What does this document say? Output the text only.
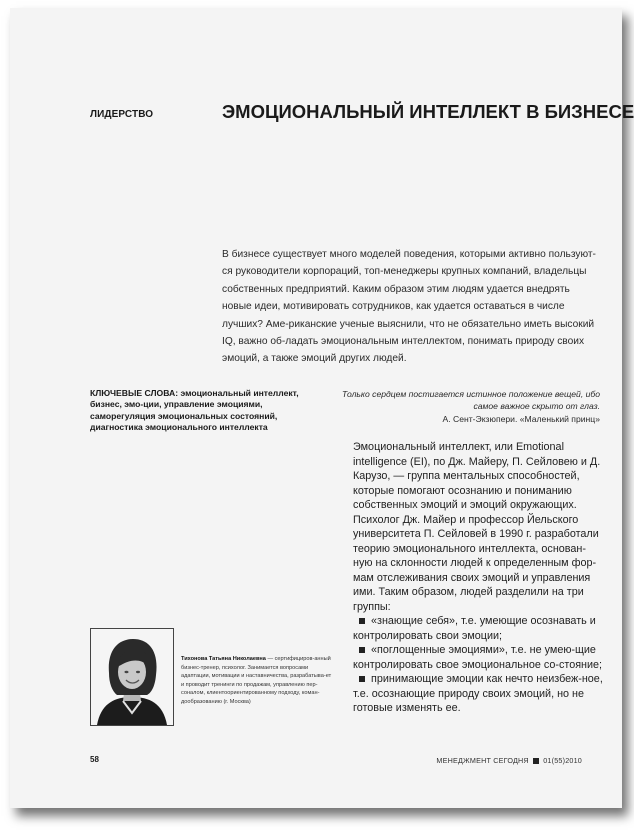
ЛИДЕРСТВО	ЭМОЦИОНАЛЬНЫЙ ИНТЕЛЛЕКТ В БИЗНЕСЕ

В бизнесе существует много моделей поведения, которыми активно пользуют-ся руководители корпораций, топ-менеджеры крупных компаний, владельцы собственных предприятий. Каким образом этим людям удается внедрять новые идеи, мотивировать сотрудников, как удается оставаться в числе лучших? Аме-риканские ученые выяснили, что не обязательно иметь высокий IQ, важно об-ладать эмоциональным интеллектом, понимать природу своих эмоций, а также эмоций других людей.

КЛЮЧЕВЫЕ СЛОВА: эмоциональный интеллект, бизнес, эмо-ции, управление эмоциями, саморегуляция эмоциональных состояний, диагностика эмоционального интеллекта
Только сердцем постигается истинное положение вещей, ибо самое важное скрыто от глаз.
А. Сент-Экзюпери. «Маленький принц»

Эмоциональный интеллект, или Emotional intelligence (EI), по Дж. Майеру, П. Сейловею и Д. Карузо, — группа ментальных способностей, которые помогают осознанию и пониманию собственных эмоций и эмоций окружающих. Психолог Дж. Майер и профессор Йельского университета П. Сейловей в 1990 г. разработали теорию эмоционального интеллекта, основан-ную на склонности людей к определенным фор-мам отслеживания своих эмоций и управления ими. Таким образом, людей разделили на три группы:

«знающие себя», т.е. умеющие осознавать и контролировать свои эмоции;

«поглощенные эмоциями», т.е. не умею-щие контролировать свое эмоциональное со-стояние;

принимающие эмоции как нечто неизбеж-ное, т.е. осознающие природу своих эмоций, но не готовые изменять ее.

Тихонова Татьяна Николаевна — сертифициров-анный бизнес-тренер, психолог. Занимается вопросами адаптации, мотивации и наставничества, разрабатыва-ет и проводит тренинги по продажам, управлению пер-соналом, клиентоориентированному подходу, коман-дообразованию (г. Москва)
58	МЕНЕДЖМЕНТ СЕГОДНЯ 01(55)2010
